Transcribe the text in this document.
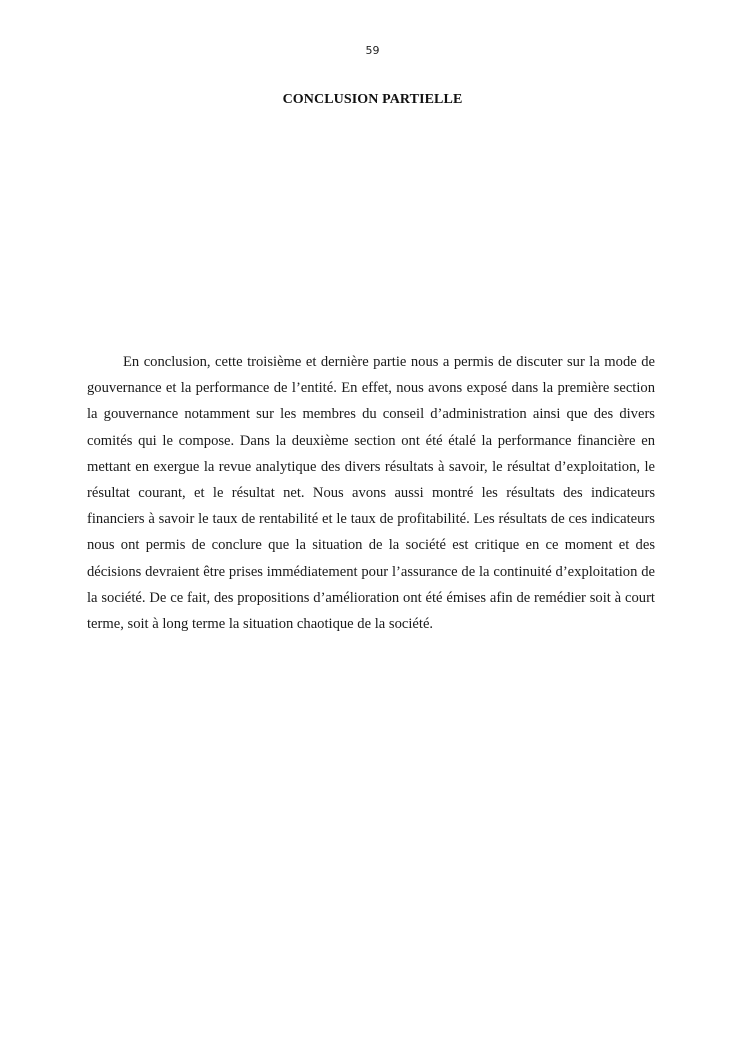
59
CONCLUSION PARTIELLE

En conclusion, cette troisième et dernière partie nous a permis de discuter sur la mode de gouvernance et la performance de l’entité. En effet, nous avons exposé dans la première section la gouvernance notamment sur les membres du conseil d’administration ainsi que des divers comités qui le compose. Dans la deuxième section ont été étalé la performance financière en mettant en exergue la revue analytique des divers résultats à savoir, le résultat d’exploitation, le résultat courant, et le résultat net. Nous avons aussi montré les résultats des indicateurs financiers à savoir le taux de rentabilité et le taux de profitabilité. Les résultats de ces indicateurs nous ont permis de conclure que la situation de la société est critique en ce moment et des décisions devraient être prises immédiatement pour l’assurance de la continuité d’exploitation de la société. De ce fait, des propositions d’amélioration ont été émises afin de remédier soit à court terme, soit à long terme la situation chaotique de la société.
